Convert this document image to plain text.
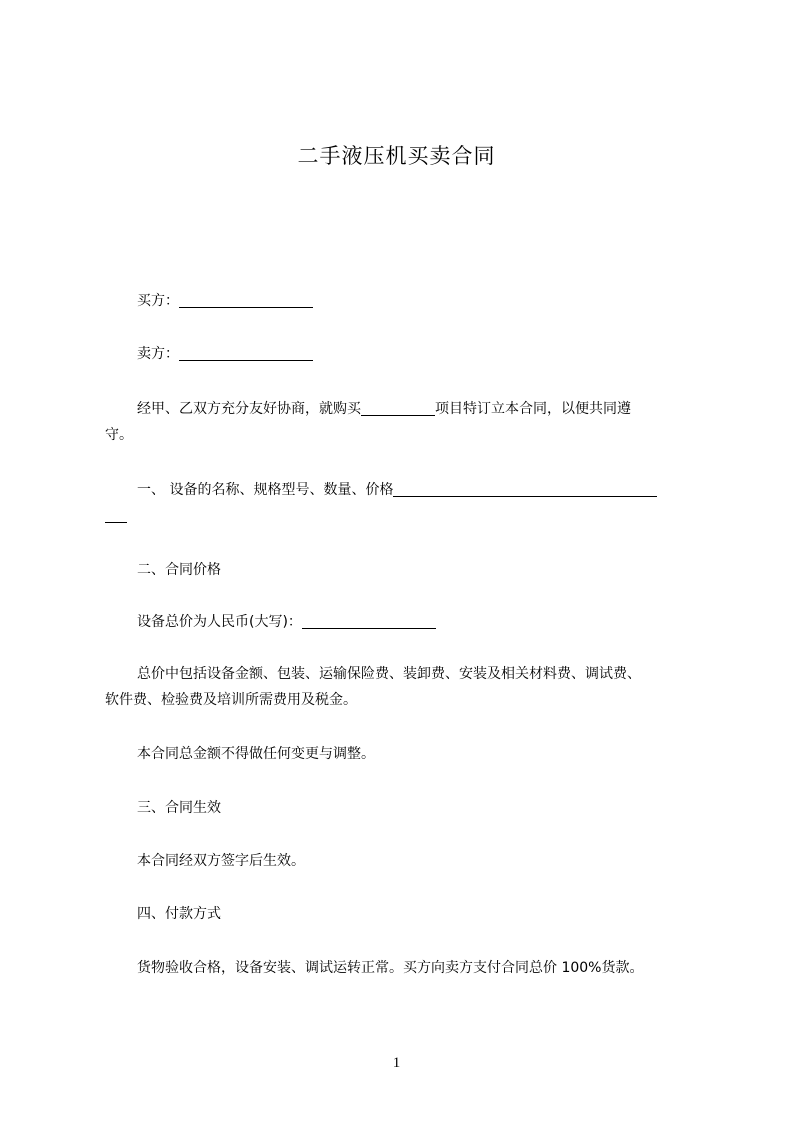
二手液压机买卖合同
买方：
卖方：
经甲、乙双方充分友好协商，就购买	项目特订立本合同，以便共同遵
守。
一、 设备的名称、规格型号、数量、价格
二、合同价格
设备总价为人民币(大写)：
总价中包括设备金额、包装、运输保险费、装卸费、安装及相关材料费、调试费、
软件费、检验费及培训所需费用及税金。
本合同总金额不得做任何变更与调整。
三、合同生效
本合同经双方签字后生效。
四、付款方式
货物验收合格，设备安装、调试运转正常。买方向卖方支付合同总价 100%货款。
1
